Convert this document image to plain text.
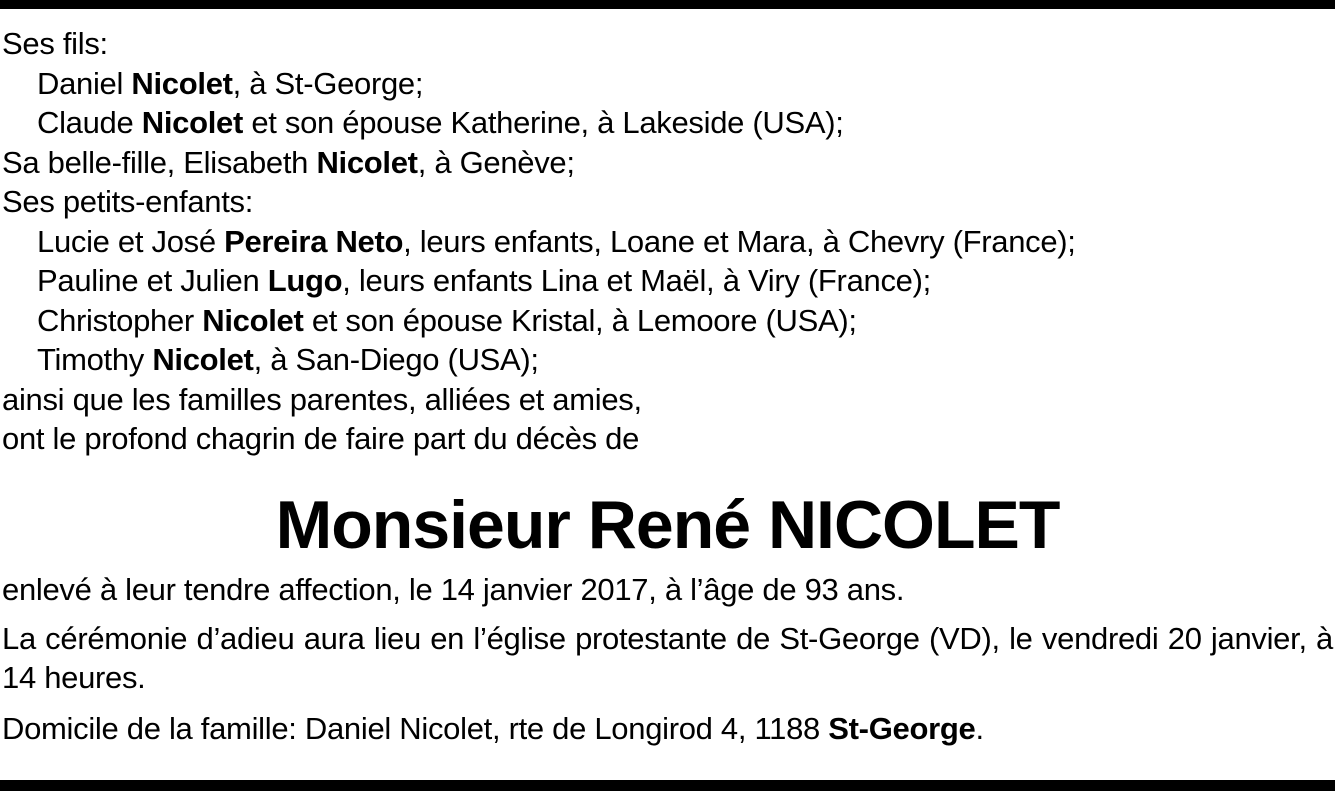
Ses fils:
Daniel Nicolet, à St-George;
Claude Nicolet et son épouse Katherine, à Lakeside (USA);
Sa belle-fille, Elisabeth Nicolet, à Genève;
Ses petits-enfants:
Lucie et José Pereira Neto, leurs enfants, Loane et Mara, à Chevry (France);
Pauline et Julien Lugo, leurs enfants Lina et Maël, à Viry (France);
Christopher Nicolet et son épouse Kristal, à Lemoore (USA);
Timothy Nicolet, à San-Diego (USA);
ainsi que les familles parentes, alliées et amies,
ont le profond chagrin de faire part du décès de
Monsieur René NICOLET
enlevé à leur tendre affection, le 14 janvier 2017, à l’âge de 93 ans.
La cérémonie d’adieu aura lieu en l’église protestante de St-George (VD), le vendredi 20 janvier, à 14 heures.
Domicile de la famille: Daniel Nicolet, rte de Longirod 4, 1188 St-George.
